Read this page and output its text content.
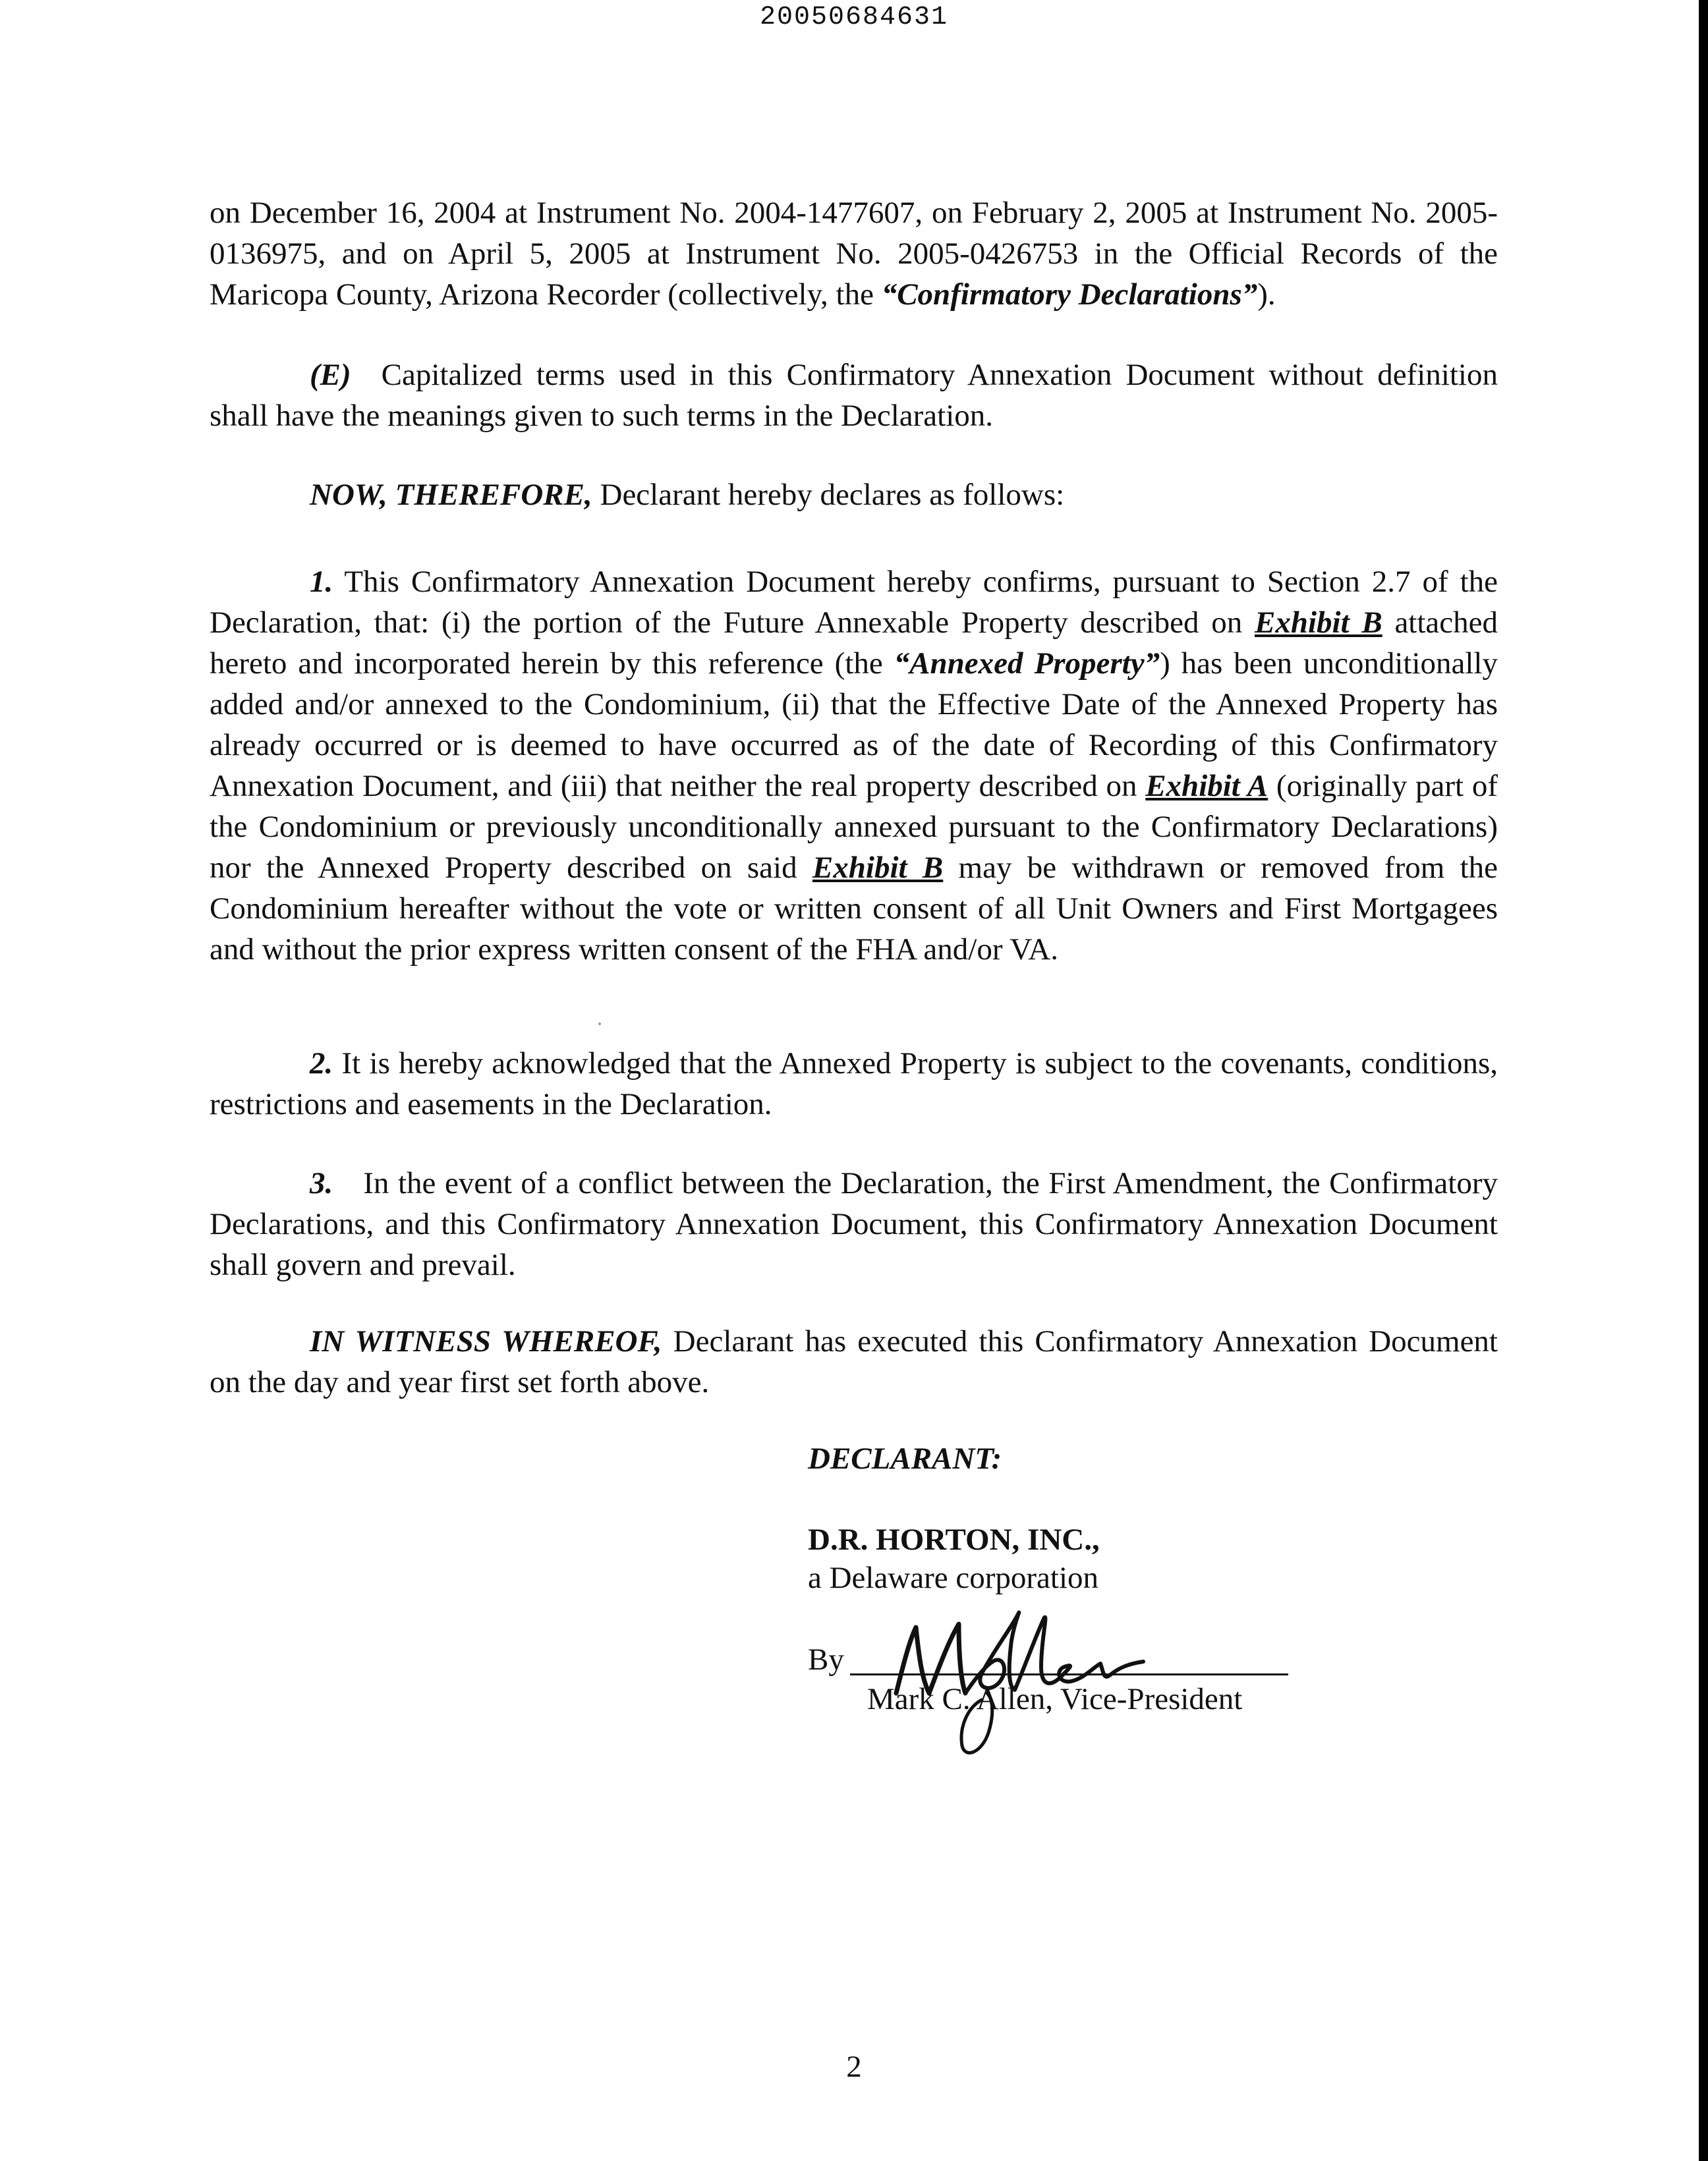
20050684631

on December 16, 2004 at Instrument No. 2004-1477607, on February 2, 2005 at Instrument No. 2005-0136975, and on April 5, 2005 at Instrument No. 2005-0426753 in the Official Records of the Maricopa County, Arizona Recorder (collectively, the “Confirmatory Declarations”).

(E) Capitalized terms used in this Confirmatory Annexation Document without definition shall have the meanings given to such terms in the Declaration.

NOW, THEREFORE, Declarant hereby declares as follows:

1. This Confirmatory Annexation Document hereby confirms, pursuant to Section 2.7 of the Declaration, that: (i) the portion of the Future Annexable Property described on Exhibit B attached hereto and incorporated herein by this reference (the “Annexed Property”) has been unconditionally added and/or annexed to the Condominium, (ii) that the Effective Date of the Annexed Property has already occurred or is deemed to have occurred as of the date of Recording of this Confirmatory Annexation Document, and (iii) that neither the real property described on Exhibit A (originally part of the Condominium or previously unconditionally annexed pursuant to the Confirmatory Declarations) nor the Annexed Property described on said Exhibit B may be withdrawn or removed from the Condominium hereafter without the vote or written consent of all Unit Owners and First Mortgagees and without the prior express written consent of the FHA and/or VA.

2. It is hereby acknowledged that the Annexed Property is subject to the covenants, conditions, restrictions and easements in the Declaration.

3. In the event of a conflict between the Declaration, the First Amendment, the Confirmatory Declarations, and this Confirmatory Annexation Document, this Confirmatory Annexation Document shall govern and prevail.

IN WITNESS WHEREOF, Declarant has executed this Confirmatory Annexation Document on the day and year first set forth above.

DECLARANT:
D.R. HORTON, INC.,
a Delaware corporation
By
Mark C. Allen, Vice-President
2
